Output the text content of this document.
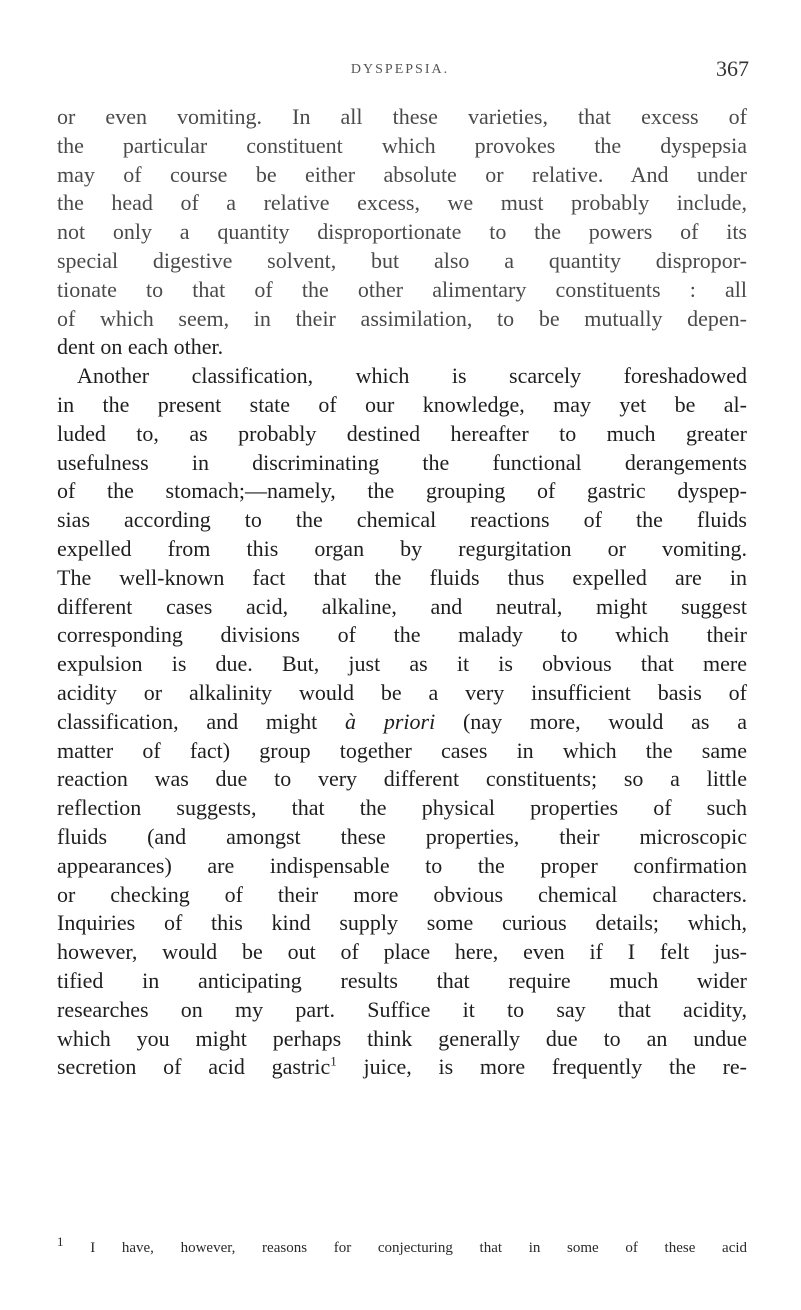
DYSPEPSIA.	367
or even vomiting. In all these varieties, that excess of
the particular constituent which provokes the dyspepsia
may of course be either absolute or relative. And under
the head of a relative excess, we must probably include,
not only a quantity disproportionate to the powers of its
special digestive solvent, but also a quantity dispropor-
tionate to that of the other alimentary constituents : all
of which seem, in their assimilation, to be mutually depen-
dent on each other.
Another classification, which is scarcely foreshadowed
in the present state of our knowledge, may yet be al-
luded to, as probably destined hereafter to much greater
usefulness in discriminating the functional derangements
of the stomach;—namely, the grouping of gastric dyspep-
sias according to the chemical reactions of the fluids
expelled from this organ by regurgitation or vomiting.
The well-known fact that the fluids thus expelled are in
different cases acid, alkaline, and neutral, might suggest
corresponding divisions of the malady to which their
expulsion is due. But, just as it is obvious that mere
acidity or alkalinity would be a very insufficient basis of
classification, and might à priori (nay more, would as a
matter of fact) group together cases in which the same
reaction was due to very different constituents; so a little
reflection suggests, that the physical properties of such
fluids (and amongst these properties, their microscopic
appearances) are indispensable to the proper confirmation
or checking of their more obvious chemical characters.
Inquiries of this kind supply some curious details; which,
however, would be out of place here, even if I felt jus-
tified in anticipating results that require much wider
researches on my part. Suffice it to say that acidity,
which you might perhaps think generally due to an undue
secretion of acid gastric$^1$ juice, is more frequently the re-
$^1$ I have, however, reasons for conjecturing that in some of these acid
